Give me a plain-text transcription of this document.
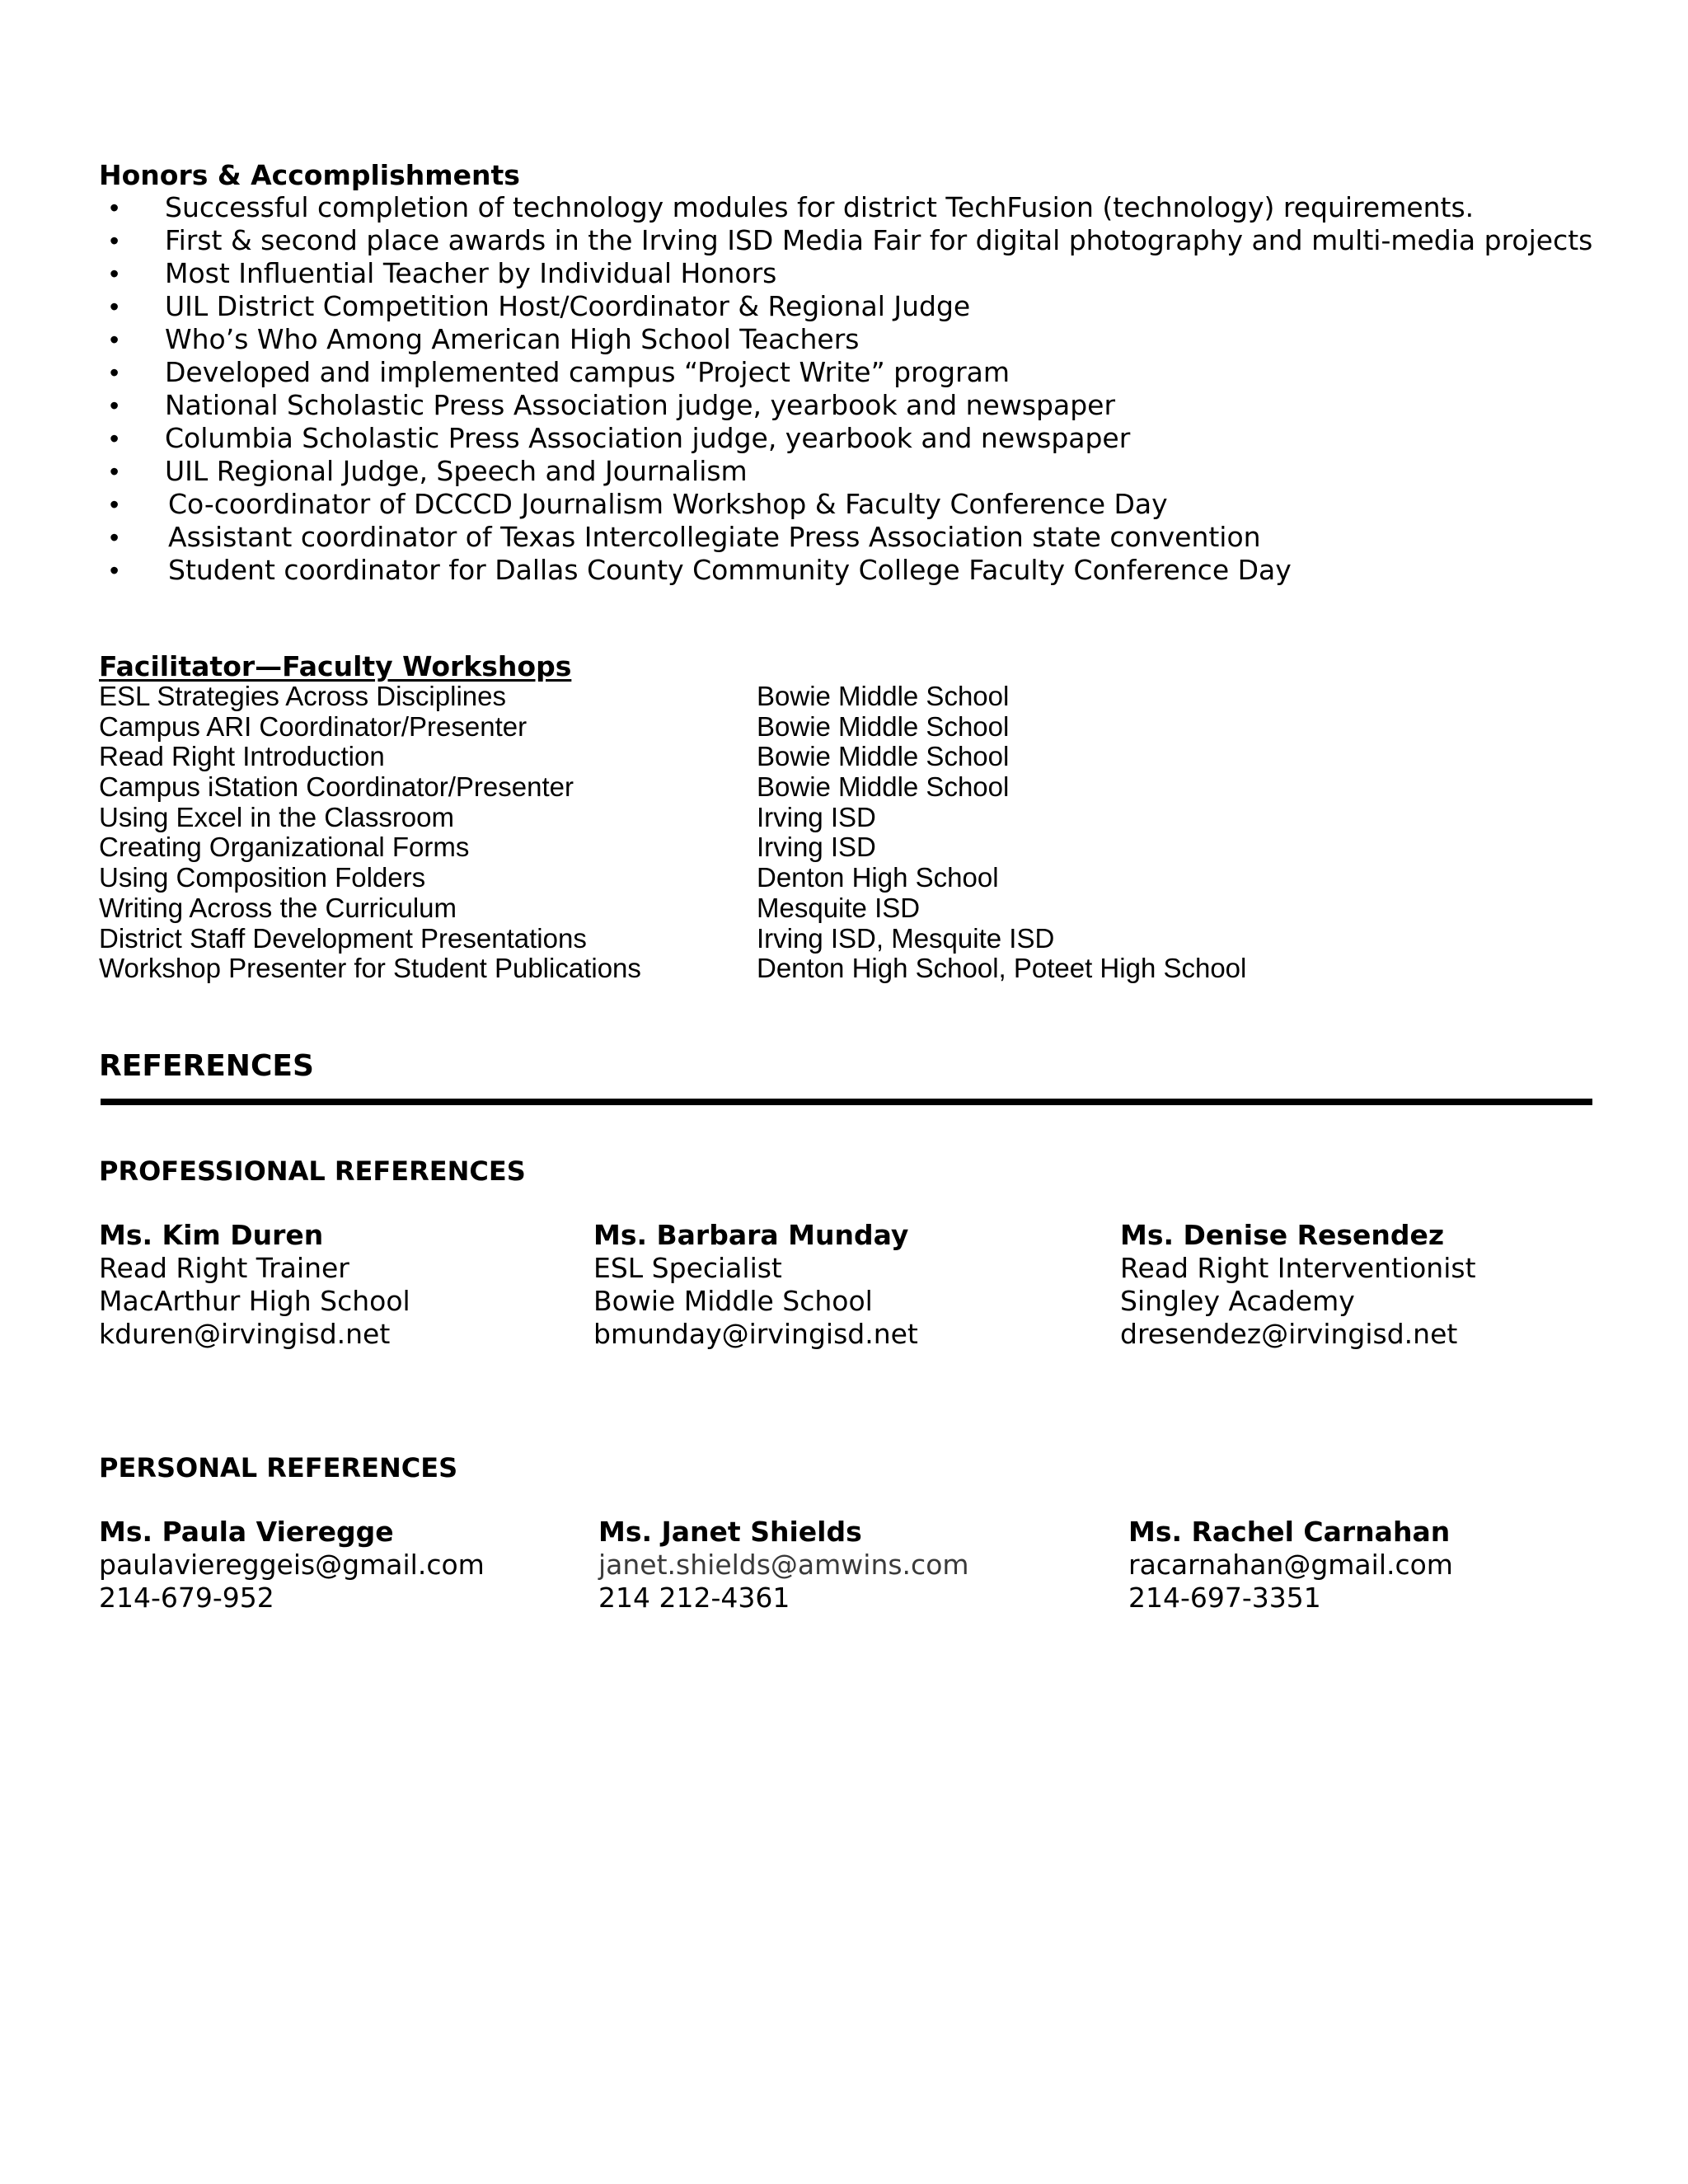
Honors & Accomplishments
• Successful completion of technology modules for district TechFusion (technology) requirements.
• First & second place awards in the Irving ISD Media Fair for digital photography and multi-media projects
• Most Influential Teacher by Individual Honors
• UIL District Competition Host/Coordinator & Regional Judge
• Who’s Who Among American High School Teachers
• Developed and implemented campus “Project Write” program
• National Scholastic Press Association judge, yearbook and newspaper
• Columbia Scholastic Press Association judge, yearbook and newspaper
• UIL Regional Judge, Speech and Journalism
• Co-coordinator of DCCCD Journalism Workshop & Faculty Conference Day
• Assistant coordinator of Texas Intercollegiate Press Association state convention
• Student coordinator for Dallas County Community College Faculty Conference Day
Facilitator—Faculty Workshops
ESL Strategies Across Disciplines	Bowie Middle School
Campus ARI Coordinator/Presenter	Bowie Middle School
Read Right Introduction	Bowie Middle School
Campus iStation Coordinator/Presenter	Bowie Middle School
Using Excel in the Classroom	Irving ISD
Creating Organizational Forms	Irving ISD
Using Composition Folders	Denton High School
Writing Across the Curriculum	Mesquite ISD
District Staff Development Presentations	Irving ISD, Mesquite ISD
Workshop Presenter for Student Publications	Denton High School, Poteet High School
REFERENCES
PROFESSIONAL REFERENCES
Ms. Kim Duren
Read Right Trainer
MacArthur High School
kduren@irvingisd.net
Ms. Barbara Munday
ESL Specialist
Bowie Middle School
bmunday@irvingisd.net
Ms. Denise Resendez
Read Right Interventionist
Singley Academy
dresendez@irvingisd.net
PERSONAL REFERENCES
Ms. Paula Vieregge
paulaviereggeis@gmail.com
214-679-952
Ms. Janet Shields
janet.shields@amwins.com
214 212-4361
Ms. Rachel Carnahan
racarnahan@gmail.com
214-697-3351
